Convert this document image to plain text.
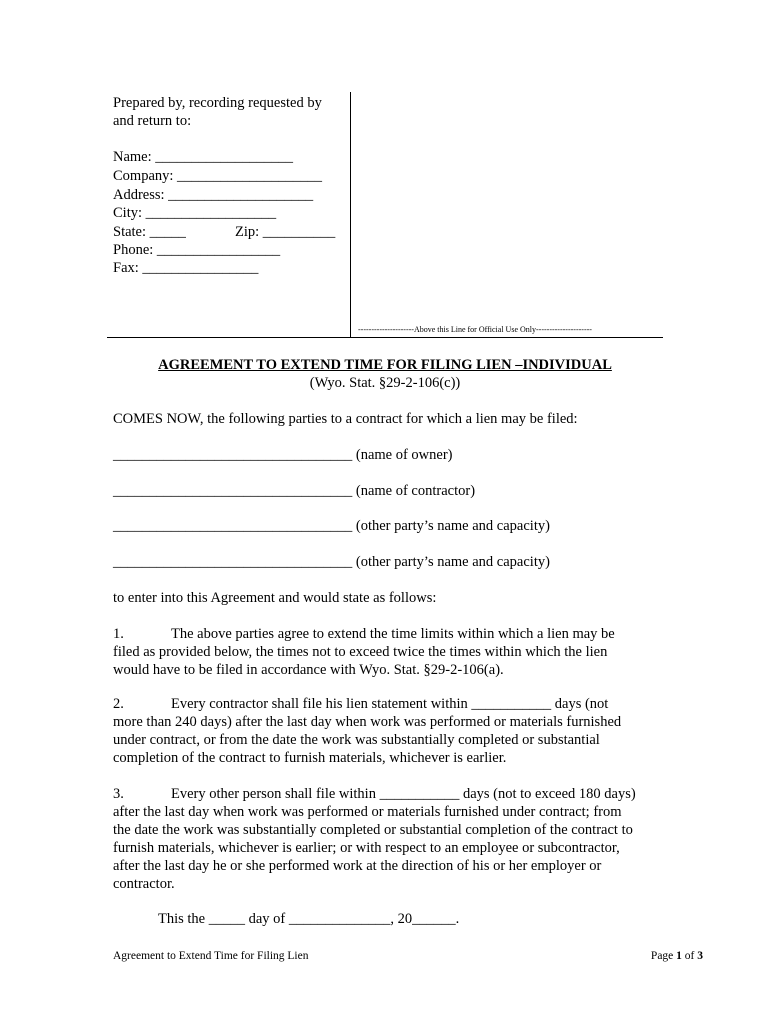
Prepared by, recording requested by
and return to:
Name: ___________________
Company: ____________________
Address: ____________________
City: __________________
State: _____	Zip: __________
Phone: _________________
Fax: ________________
---------------------Above this Line for Official Use Only---------------------
AGREEMENT TO EXTEND TIME FOR FILING LIEN –INDIVIDUAL
(Wyo. Stat. §29-2-106(c))
COMES NOW, the following parties to a contract for which a lien may be filed:
_________________________________ (name of owner)
_________________________________ (name of contractor)
_________________________________ (other party’s name and capacity)
_________________________________ (other party’s name and capacity)
to enter into this Agreement and would state as follows:
1.	The above parties agree to extend the time limits within which a lien may be
filed as provided below, the times not to exceed twice the times within which the lien
would have to be filed in accordance with Wyo. Stat. §29-2-106(a).
2.	Every contractor shall file his lien statement within ___________ days (not
more than 240 days) after the last day when work was performed or materials furnished
under contract, or from the date the work was substantially completed or substantial
completion of the contract to furnish materials, whichever is earlier.
3.	Every other person shall file within ___________ days (not to exceed 180 days)
after the last day when work was performed or materials furnished under contract; from
the date the work was substantially completed or substantial completion of the contract to
furnish materials, whichever is earlier; or with respect to an employee or subcontractor,
after the last day he or she performed work at the direction of his or her employer or
contractor.
This the _____ day of ______________, 20______.
Agreement to Extend Time for Filing Lien	Page 1 of 3
